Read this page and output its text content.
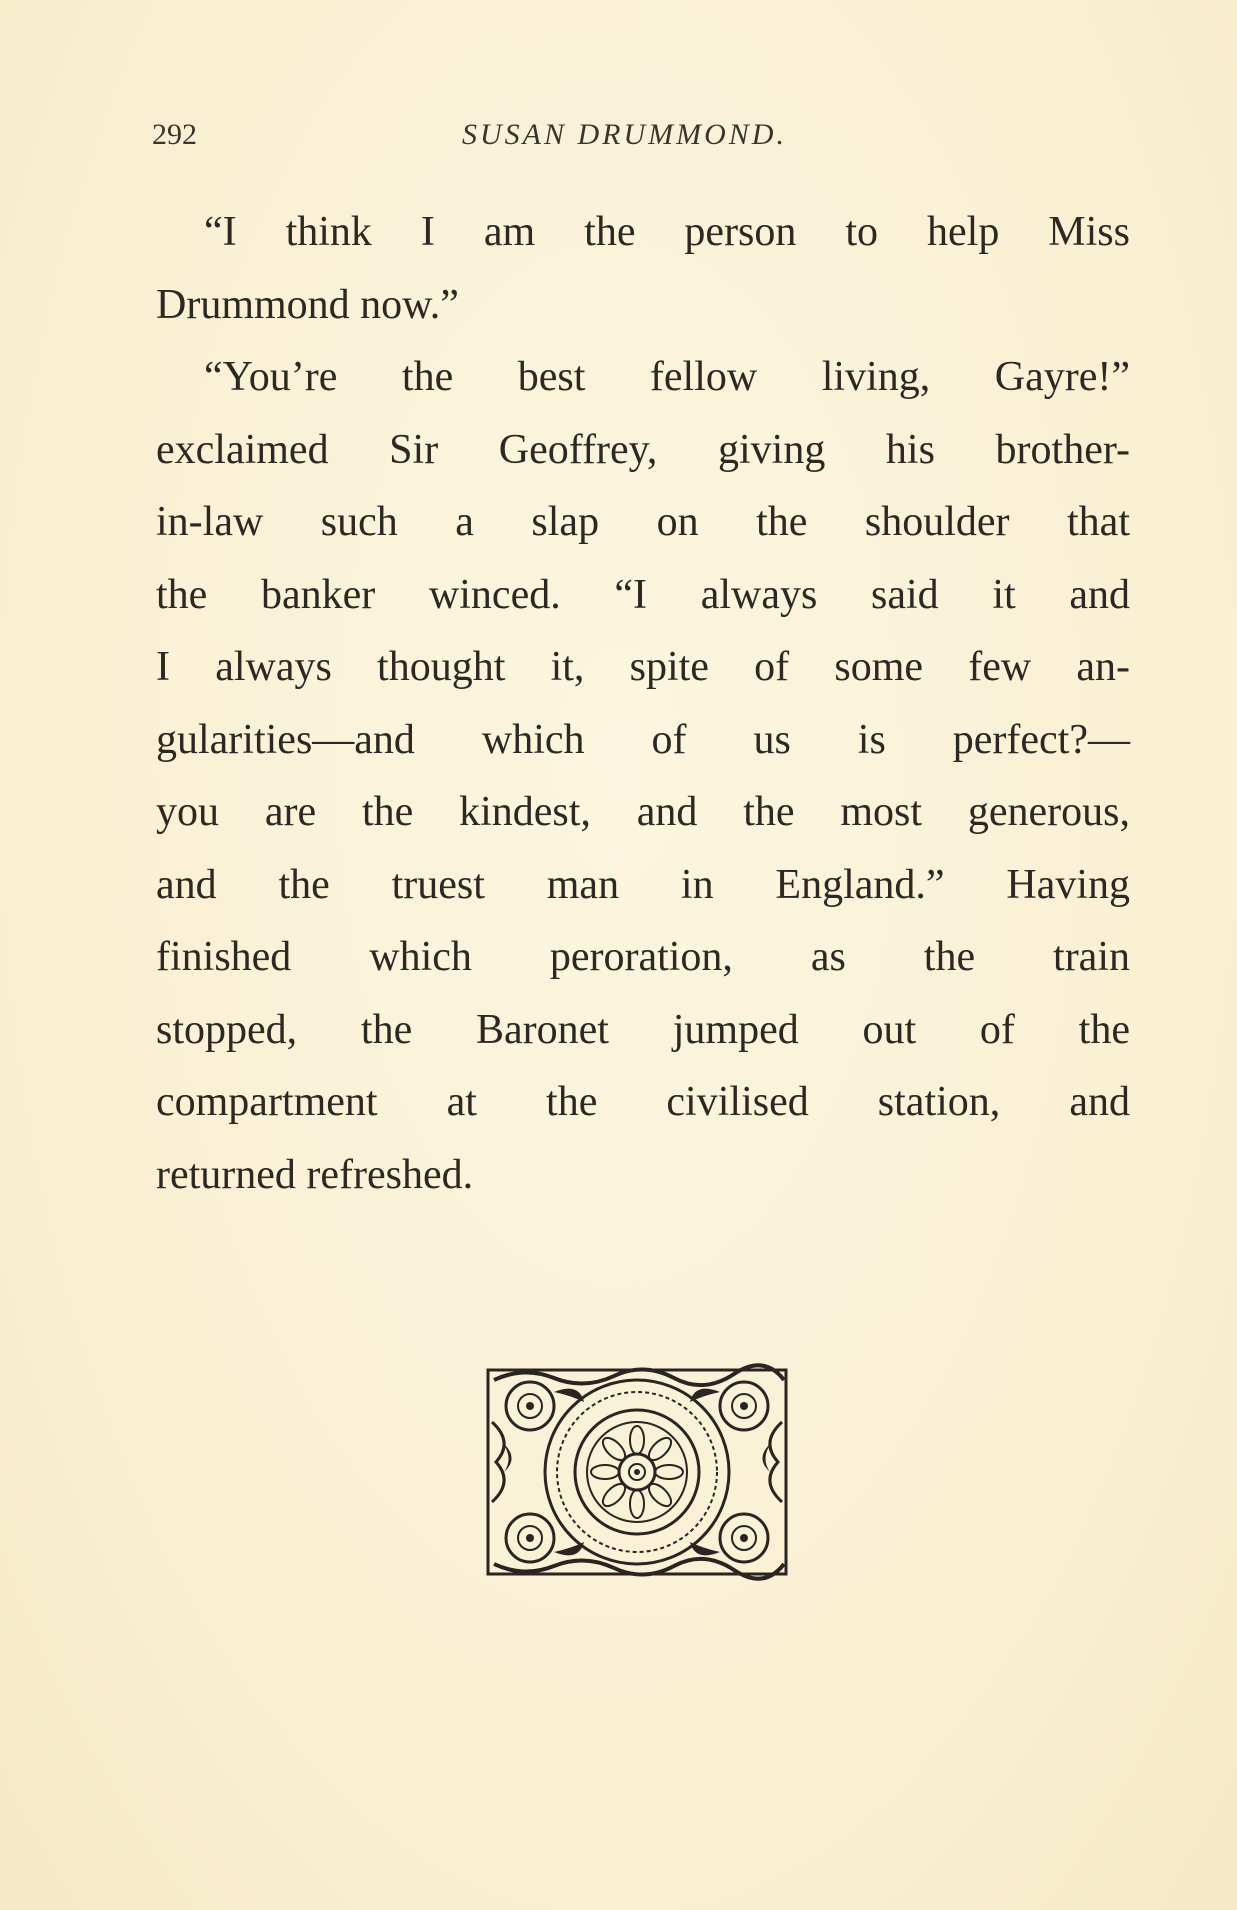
292	SUSAN DRUMMOND.
“I think I am the person to help Miss
Drummond now.”
“You’re the best fellow living, Gayre!”
exclaimed Sir Geoffrey, giving his brother-
in-law such a slap on the shoulder that
the banker winced. “I always said it and
I always thought it, spite of some few an-
gularities—and which of us is perfect?—
you are the kindest, and the most generous,
and the truest man in England.” Having
finished which peroration, as the train
stopped, the Baronet jumped out of the
compartment at the civilised station, and
returned refreshed.
